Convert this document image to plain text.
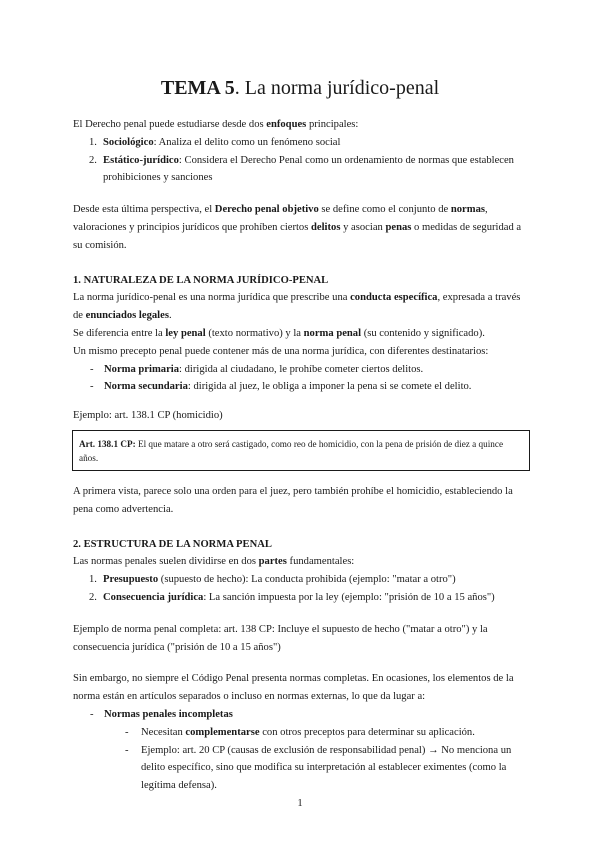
TEMA 5. La norma jurídico-penal

El Derecho penal puede estudiarse desde dos enfoques principales:

1. Sociológico: Analiza el delito como un fenómeno social
2. Estático-jurídico: Considera el Derecho Penal como un ordenamiento de normas que establecen prohibiciones y sanciones

Desde esta última perspectiva, el Derecho penal objetivo se define como el conjunto de normas, valoraciones y principios jurídicos que prohíben ciertos delitos y asocian penas o medidas de seguridad a su comisión.

1. NATURALEZA DE LA NORMA JURÍDICO-PENAL

La norma jurídico-penal es una norma jurídica que prescribe una conducta específica, expresada a través de enunciados legales.

Se diferencia entre la ley penal (texto normativo) y la norma penal (su contenido y significado).

Un mismo precepto penal puede contener más de una norma jurídica, con diferentes destinatarios:

- Norma primaria: dirigida al ciudadano, le prohíbe cometer ciertos delitos.
- Norma secundaria: dirigida al juez, le obliga a imponer la pena si se comete el delito.

Ejemplo: art. 138.1 CP (homicidio)

Art. 138.1 CP: El que matare a otro será castigado, como reo de homicidio, con la pena de prisión de diez a quince años.

A primera vista, parece solo una orden para el juez, pero también prohíbe el homicidio, estableciendo la pena como advertencia.

2. ESTRUCTURA DE LA NORMA PENAL

Las normas penales suelen dividirse en dos partes fundamentales:

1. Presupuesto (supuesto de hecho): La conducta prohibida (ejemplo: "matar a otro")
2. Consecuencia jurídica: La sanción impuesta por la ley (ejemplo: "prisión de 10 a 15 años")

Ejemplo de norma penal completa: art. 138 CP: Incluye el supuesto de hecho ("matar a otro") y la consecuencia jurídica ("prisión de 10 a 15 años")

Sin embargo, no siempre el Código Penal presenta normas completas. En ocasiones, los elementos de la norma están en artículos separados o incluso en normas externas, lo que da lugar a:

- Normas penales incompletas
-	Necesitan complementarse con otros preceptos para determinar su aplicación.
-	Ejemplo: art. 20 CP (causas de exclusión de responsabilidad penal) → No menciona un delito específico, sino que modifica su interpretación al establecer eximentes (como la legítima defensa).
1
